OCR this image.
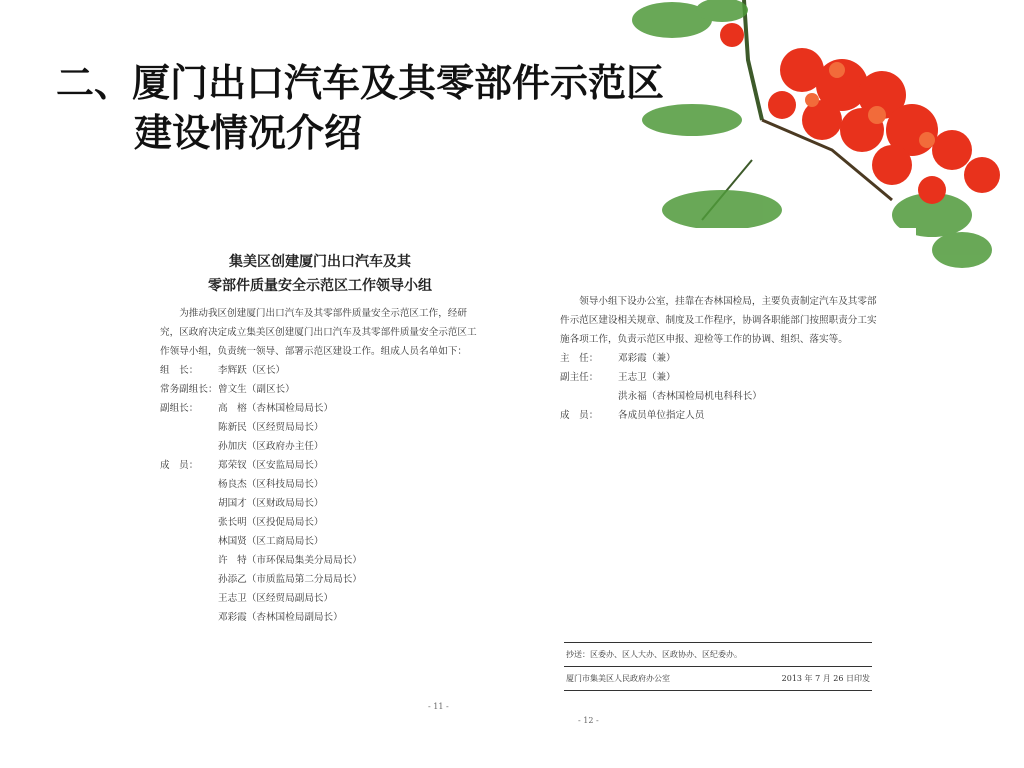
二、厦门出口汽车及其零部件示范区
建设情况介绍
集美区创建厦门出口汽车及其
零部件质量安全示范区工作领导小组
为推动我区创建厦门出口汽车及其零部件质量安全示范区工作，经研究，区政府决定成立集美区创建厦门出口汽车及其零部件质量安全示范区工作领导小组，负责统一领导、部署示范区建设工作。组成人员名单如下：
组　长：	李辉跃（区长）
常务副组长： 曾文生（副区长）
副组长：	高　榕（杏林国检局局长）
陈新民（区经贸局局长）
孙加庆（区政府办主任）
成　员：	郑荣钗（区安监局局长）
杨良杰（区科技局局长）
胡国才（区财政局局长）
张长明（区投促局局长）
林国贤（区工商局局长）
许　特（市环保局集美分局局长）
孙添乙（市质监局第二分局局长）
王志卫（区经贸局副局长）
邓彩霞（杏林国检局副局长）
- 11 -
领导小组下设办公室，挂靠在杏林国检局，主要负责制定汽车及其零部件示范区建设相关规章、制度及工作程序，协调各职能部门按照职责分工实施各项工作，负责示范区申报、迎检等工作的协调、组织、落实等。
主　任：	邓彩霞（兼）
副主任：	王志卫（兼）
洪永福（杏林国检局机电科科长）
成　员：	各成员单位指定人员
抄送：区委办、区人大办、区政协办、区纪委办。
厦门市集美区人民政府办公室	2013 年 7 月 26 日印发
- 12 -
